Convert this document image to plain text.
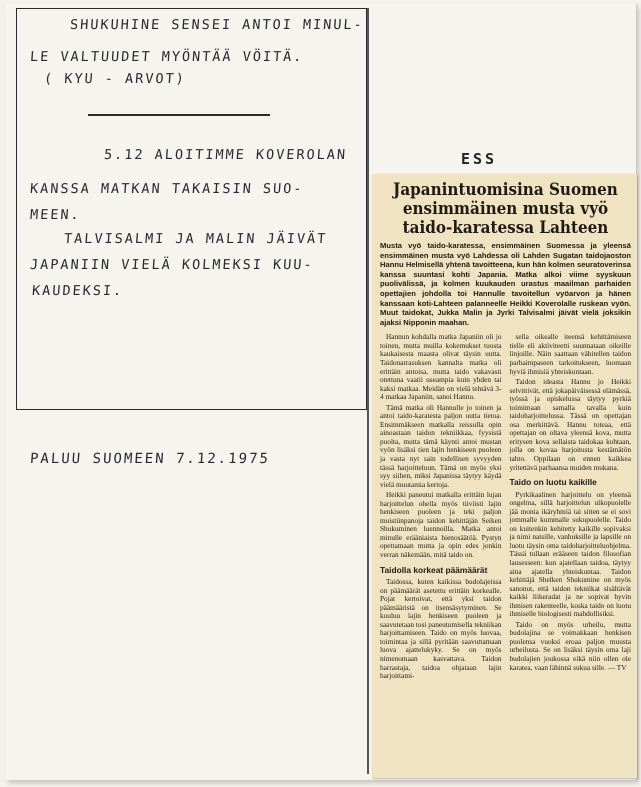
SHUKUHINE SENSEI ANTOI MINUL-
LE VALTUUDET MYÖNTÄÄ VÖITÄ.
( KYU - ARVOT)
5.12 ALOITIMME KOVEROLAN
KANSSA MATKAN TAKAISIN SUO-
MEEN.
TALVISALMI JA MALIN JÄIVÄT
JAPANIIN VIELÄ KOLMEKSI KUU-
KAUDEKSI.
PALUU SUOMEEN 7.12.1975
ESS
Japanintuomisina Suomen ensimmäinen musta vyö taido-karatessa Lahteen
Musta vyö taido-karatessa, ensimmäinen Suomessa ja yleensä ensimmäinen musta vyö Lahdessa oli Lahden Sugatan taidojaoston Hannu Helmisellä yhtenä tavoitteena, kun hän kolmen seuratoverinsa kanssa suuntasi kohti Japania. Matka alkoi viime syyskuun puolivälissä, ja kolmen kuukauden urastus maailman parhaiden opettajien johdolla toi Hannulle tavoitellun vyöarvon ja hänen kanssaan koti-Lahteen palanneelle Heikki Koverolalle ruskean vyön. Muut taidokat, Jukka Malin ja Jyrki Talvisalmi jäivät vielä joksikin ajaksi Nipponin maahan.

Hannun kohdalla matka Japaniin oli jo toinen, mutta muilla kokemukset tuosta kaukaisesta maasta olivat täysin uutta. Taidonarrasuksen kannalta matka oli erittäin antoisa, mutta taido vakavasti otettuna vaatii useampia kuin yhden tai kaksi matkaa. Meidän on vielä tehtävä 3-4 matkaa Japaniin, sanoi Hannu.

Tämä matka oli Hannulle jo toinen ja antoi taido-karatesta paljon uutta tietoa. Ensimmäkseen matkalla reissulla opin ainoastaan taidon tekniikkaa, fyysistä puolta, mutta tämä käynti antoi mustan vyön lisäksi tien lajin henkiseen puoleen ja vasta nyt sain todellisen syvyyden tässä harjoitteluun. Tämä on myös yksi syy siihen, miksi Japanissa täytyy käydä vielä muutamia kertoja.

Heikki paneutui matkalla erittäin lujan harjoittelun ohella myös tiiviisti lajin henkiseen puoleen ja teki paljon muistiinpanoja taidon kehittäjän Seiken Shukuminen luennoilla. Matka antoi minulle erääniaista hienosäätöä. Pystyn opettamaan mutta ja opin edes jonkin verran näkemään, mitä taido on.

Taidolla korkeat päämäärät

Taidossa, kuten kaikissa budolajeissa on päämäärät asetettu erittäin korkealle. Pojat kertoivat, että yksi taidon päämääristä on itsensäsytyminen. Se kuuluu lajin henkiseen puoleen ja saavutetaan tosi paneutumisella tekniikan harjoittamiseen. Taido on myös luovaa, toimintaa ja sillä pyritään saavuttamaan luova ajattelukyky. Se on myös nimenomaan kasvattava. Taidon harrastaja, taidoa ohjataan lajin harjoittami-

sella oikealle iteensä kehittämiseen tielle eli aktiviteetti suunnataan oikeille linjoille. Näin saattaan vähitellen taidon parhaimpaseen tarkoitukseen, luomaan hyviä ihmisiä yhteiskuntaan.

Taidon ideasta Hannu jo Heikki selvittivät, että jokapäiväisessä elämässä, työssä ja opiskelussa täytyy pyrkiä toimimaan samalla tavalla kuin taidoharjoittelussa. Tässä on opettajan osa merkittävä. Hannu toteaa, että opettajan on oltava yleensä kova, mutta eritysen kova sellaista taidokaa kohtaan, jolla on kovaa harjoitusta kestämätön tahto. Oppilaan on ennen kaikkea yritettävä parhaansa muiden mukana.

Taido on luotu kaikille

Pyrkikaalinen harjoittelu on yleensä ongelma, sillä harjoittelun ulkopuolelle jää monia ikäryhmiä tai sitten se ei sovi jommalle kummalle sukupuolelle. Taido on kuitenkin kehitetty kaikille sopivaksi ja nimi natsille, vanhuksille ja lapsille on luotu täysin oma taidoharjoitteluohjelma. Tässä tullaan erääseen taidon filosofian lausesseen: kun ajatellaan taidoa, täytyy aina ajatella yhteiskuntaa. Taidon kehittäjä Shelken Shukumine on myös sanonut, että taidon tekniikat sisältävät kaikki liikeradat ja ne sopivat hyvin ihmisen rakenteelle, koska taido on luotu ihmiselle biologisesti mahdollisiksi.

Taido on myös urheilu, mutta budolajina se voimakkaan henkisen puolensa vuoksi eroaa paljon muusta urheilusta. Se on lisäksi täysin oma laji budolajien joukossa eikä niin ollen ole karatea, vaan lähinnä sukua sille. — TV
